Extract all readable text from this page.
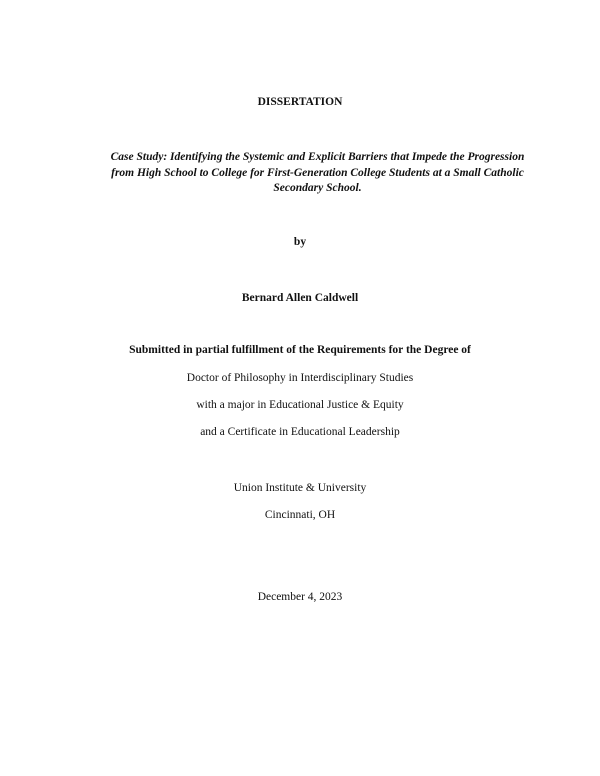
DISSERTATION
Case Study: Identifying the Systemic and Explicit Barriers that Impede the Progression from High School to College for First-Generation College Students at a Small Catholic Secondary School.
by
Bernard Allen Caldwell
Submitted in partial fulfillment of the Requirements for the Degree of
Doctor of Philosophy in Interdisciplinary Studies
with a major in Educational Justice & Equity
and a Certificate in Educational Leadership
Union Institute & University
Cincinnati, OH
December 4, 2023
